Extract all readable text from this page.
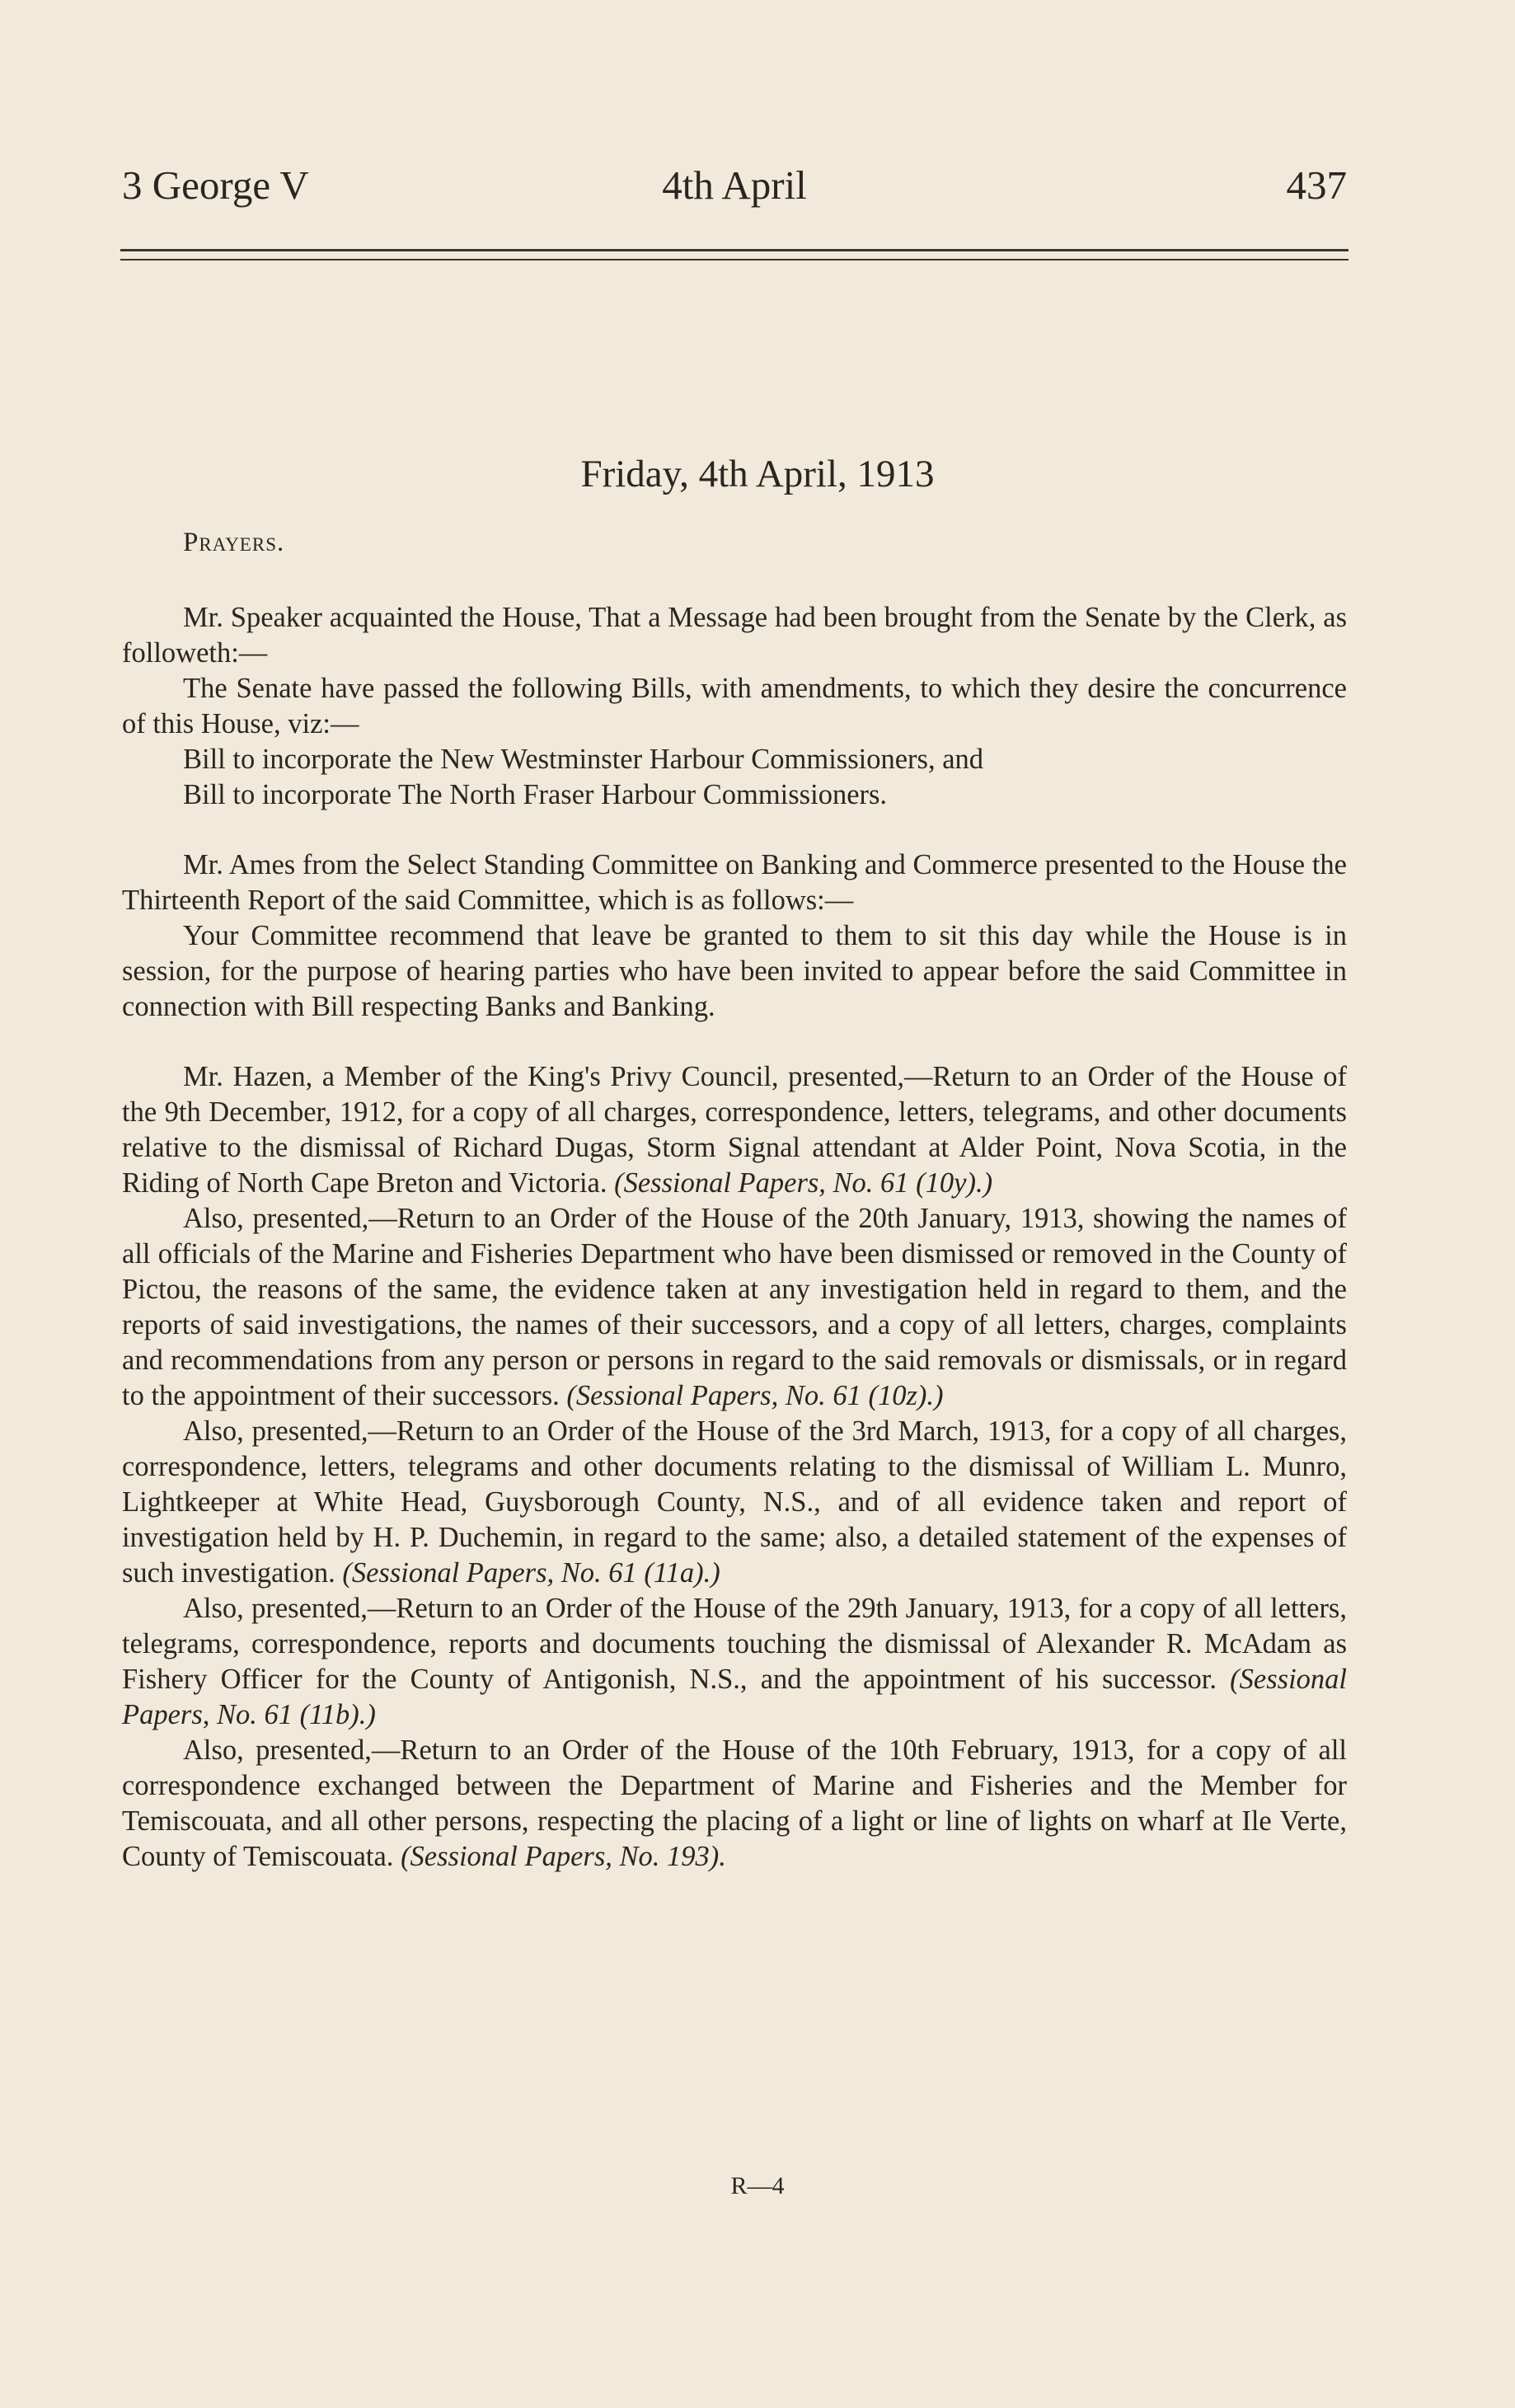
3 George V	4th April	437
Friday, 4th April, 1913
Prayers.

Mr. Speaker acquainted the House, That a Message had been brought from the Senate by the Clerk, as followeth:—

The Senate have passed the following Bills, with amendments, to which they desire the concurrence of this House, viz:—

Bill to incorporate the New Westminster Harbour Commissioners, and

Bill to incorporate The North Fraser Harbour Commissioners.

Mr. Ames from the Select Standing Committee on Banking and Commerce presented to the House the Thirteenth Report of the said Committee, which is as follows:—

Your Committee recommend that leave be granted to them to sit this day while the House is in session, for the purpose of hearing parties who have been invited to appear before the said Committee in connection with Bill respecting Banks and Banking.

Mr. Hazen, a Member of the King's Privy Council, presented,—Return to an Order of the House of the 9th December, 1912, for a copy of all charges, correspondence, letters, telegrams, and other documents relative to the dismissal of Richard Dugas, Storm Signal attendant at Alder Point, Nova Scotia, in the Riding of North Cape Breton and Victoria. (Sessional Papers, No. 61 (10y).)

Also, presented,—Return to an Order of the House of the 20th January, 1913, showing the names of all officials of the Marine and Fisheries Department who have been dismissed or removed in the County of Pictou, the reasons of the same, the evidence taken at any investigation held in regard to them, and the reports of said investigations, the names of their successors, and a copy of all letters, charges, complaints and recommendations from any person or persons in regard to the said removals or dismissals, or in regard to the appointment of their successors. (Sessional Papers, No. 61 (10z).)

Also, presented,—Return to an Order of the House of the 3rd March, 1913, for a copy of all charges, correspondence, letters, telegrams and other documents relating to the dismissal of William L. Munro, Lightkeeper at White Head, Guysborough County, N.S., and of all evidence taken and report of investigation held by H. P. Duchemin, in regard to the same; also, a detailed statement of the expenses of such investigation. (Sessional Papers, No. 61 (11a).)

Also, presented,—Return to an Order of the House of the 29th January, 1913, for a copy of all letters, telegrams, correspondence, reports and documents touching the dismissal of Alexander R. McAdam as Fishery Officer for the County of Antigonish, N.S., and the appointment of his successor. (Sessional Papers, No. 61 (11b).)

Also, presented,—Return to an Order of the House of the 10th February, 1913, for a copy of all correspondence exchanged between the Department of Marine and Fisheries and the Member for Temiscouata, and all other persons, respecting the placing of a light or line of lights on wharf at Ile Verte, County of Temiscouata. (Sessional Papers, No. 193).

R—4
